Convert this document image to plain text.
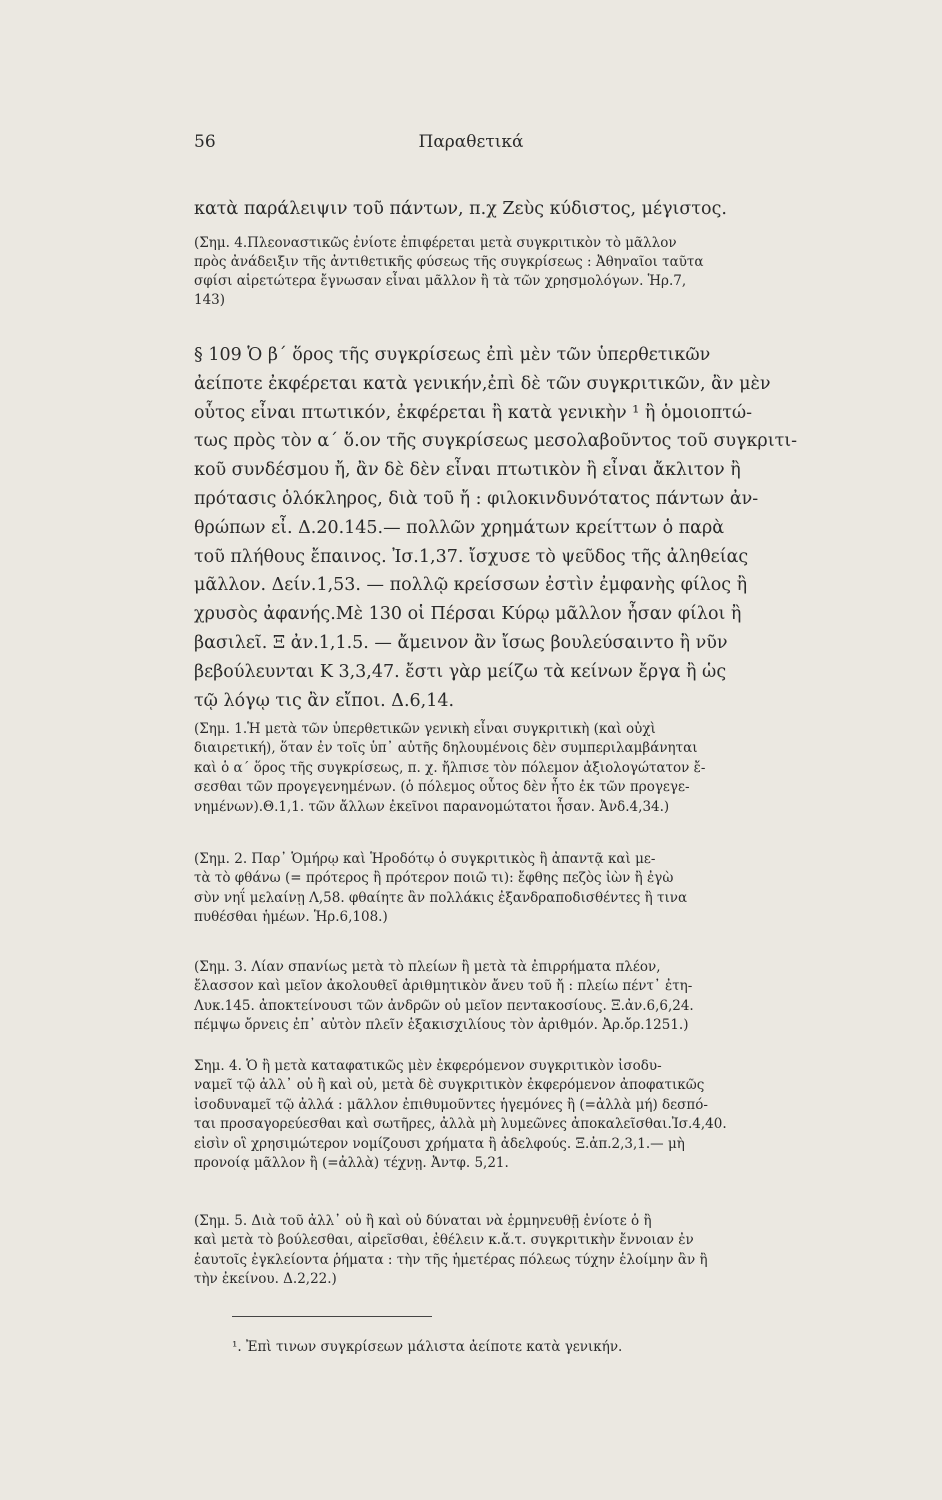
56	Παραθετικά
κατὰ παράλειψιν τοῦ πάντων, π.χ Ζεὺς κύδιστος, μέγιστος.
(Σημ. 4.Πλεοναστικῶς ἐνίοτε ἐπιφέρεται μετὰ συγκριτικὸν τὸ μᾶλλον
πρὸς ἀνάδειξιν τῆς ἀντιθετικῆς φύσεως τῆς συγκρίσεως : Ἀθηναῖοι ταῦτα
σφίσι αἱρετώτερα ἔγνωσαν εἶναι μᾶλλον ἢ τὰ τῶν χρησμολόγων. Ἡρ.7,
143)
§ 109 Ὁ β΄ ὅρος τῆς συγκρίσεως ἐπὶ μὲν τῶν ὑπερθετικῶν
ἀείποτε ἐκφέρεται κατὰ γενικήν,ἐπὶ δὲ τῶν συγκριτικῶν, ἂν μὲν
οὗτος εἶναι πτωτικόν, ἐκφέρεται ἢ κατὰ γενικὴν ¹ ἢ ὁμοιοπτώ-
τως πρὸς τὸν α΄ ὅ.ον τῆς συγκρίσεως μεσολαβοῦντος τοῦ συγκριτι-
κοῦ συνδέσμου ἤ, ἂν δὲ δὲν εἶναι πτωτικὸν ἢ εἶναι ἄκλιτον ἢ
πρότασις ὁλόκληρος, διὰ τοῦ ἤ : φιλοκινδυνότατος πάντων ἀν-
θρώπων εἶ. Δ.20.145.— πολλῶν χρημάτων κρείττων ὁ παρὰ
τοῦ πλήθους ἔπαινος. Ἰσ.1,37. ἴσχυσε τὸ ψεῦδος τῆς ἀληθείας
μᾶλλον. Δείν.1,53. — πολλῷ κρείσσων ἐστὶν ἐμφανὴς φίλος ἢ
χρυσὸς ἀφανής.Μὲ 130 οἱ Πέρσαι Κύρῳ μᾶλλον ἦσαν φίλοι ἢ
βασιλεῖ. Ξ ἀν.1,1.5. — ἄμεινον ἂν ἴσως βουλεύσαιντο ἢ νῦν
βεβούλευνται Κ 3,3,47. ἔστι γὰρ μείζω τὰ κείνων ἔργα ἢ ὡς
τῷ λόγῳ τις ἂν εἴποι. Δ.6,14.
(Σημ. 1.Ἡ μετὰ τῶν ὑπερθετικῶν γενικὴ εἶναι συγκριτικὴ (καὶ οὐχὶ
διαιρετική), ὅταν ἐν τοῖς ὑπ᾽ αὐτῆς δηλουμένοις δὲν συμπεριλαμβάνηται
καὶ ὁ α΄ ὅρος τῆς συγκρίσεως, π. χ. ἤλπισε τὸν πόλεμον ἀξιολογώτατον ἔ-
σεσθαι τῶν προγεγενημένων. (ὁ πόλεμος οὗτος δὲν ἦτο ἐκ τῶν προγεγε-
νημένων).Θ.1,1. τῶν ἄλλων ἐκεῖνοι παρανομώτατοι ἦσαν. Ἀνδ.4,34.)
(Σημ. 2. Παρ᾽ Ὁμήρῳ καὶ Ἡροδότῳ ὁ συγκριτικὸς ἢ ἀπαντᾷ καὶ με-
τὰ τὸ φθάνω (= πρότερος ἢ πρότερον ποιῶ τι): ἔφθης πεζὸς ἰὼν ἢ ἐγὼ
σὺν νηΐ μελαίνῃ Λ,58. φθαίητε ἂν πολλάκις ἐξανδραποδισθέντες ἢ τινα
πυθέσθαι ἡμέων. Ἡρ.6,108.)
(Σημ. 3. Λίαν σπανίως μετὰ τὸ πλείων ἢ μετὰ τὰ ἐπιρρήματα πλέον,
ἔλασσον καὶ μεῖον ἀκολουθεῖ ἀριθμητικὸν ἄνευ τοῦ ἤ : πλείω πέντ᾽ ἐτη-
Λυκ.145. ἀποκτείνουσι τῶν ἀνδρῶν οὐ μεῖον πεντακοσίους. Ξ.ἀν.6,6,24.
πέμψω ὄρνεις ἐπ᾽ αὐτὸν πλεῖν ἑξακισχιλίους τὸν ἀριθμόν. Ἀρ.ὄρ.1251.)
Σημ. 4. Ὁ ἢ μετὰ καταφατικῶς μὲν ἐκφερόμενον συγκριτικὸν ἰσοδυ-
ναμεῖ τῷ ἀλλ᾽ οὐ ἢ καὶ οὐ, μετὰ δὲ συγκριτικὸν ἐκφερόμενον ἀποφατικῶς
ἰσοδυναμεῖ τῷ ἀλλά : μᾶλλον ἐπιθυμοῦντες ἡγεμόνες ἢ (=ἀλλὰ μή) δεσπό-
ται προσαγορεύεσθαι καὶ σωτῆρες, ἀλλὰ μὴ λυμεῶνες ἀποκαλεῖσθαι.Ἰσ.4,40.
εἰσὶν οἳ χρησιμώτερον νομίζουσι χρήματα ἢ ἀδελφούς. Ξ.ἀπ.2,3,1.— μὴ
προνοίᾳ μᾶλλον ἢ (=ἀλλὰ) τέχνῃ. Ἀντφ. 5,21.
(Σημ. 5. Διὰ τοῦ ἀλλ᾽ οὐ ἢ καὶ οὐ δύναται νὰ ἑρμηνευθῇ ἐνίοτε ὁ ἢ
καὶ μετὰ τὸ βούλεσθαι, αἱρεῖσθαι, ἐθέλειν κ.ἄ.τ. συγκριτικὴν ἔννοιαν ἐν
ἑαυτοῖς ἐγκλείοντα ῥήματα : τὴν τῆς ἡμετέρας πόλεως τύχην ἑλοίμην ἂν ἢ
τὴν ἐκείνου. Δ.2,22.)
¹. Ἐπὶ τινων συγκρίσεων μάλιστα ἀείποτε κατὰ γενικήν.
